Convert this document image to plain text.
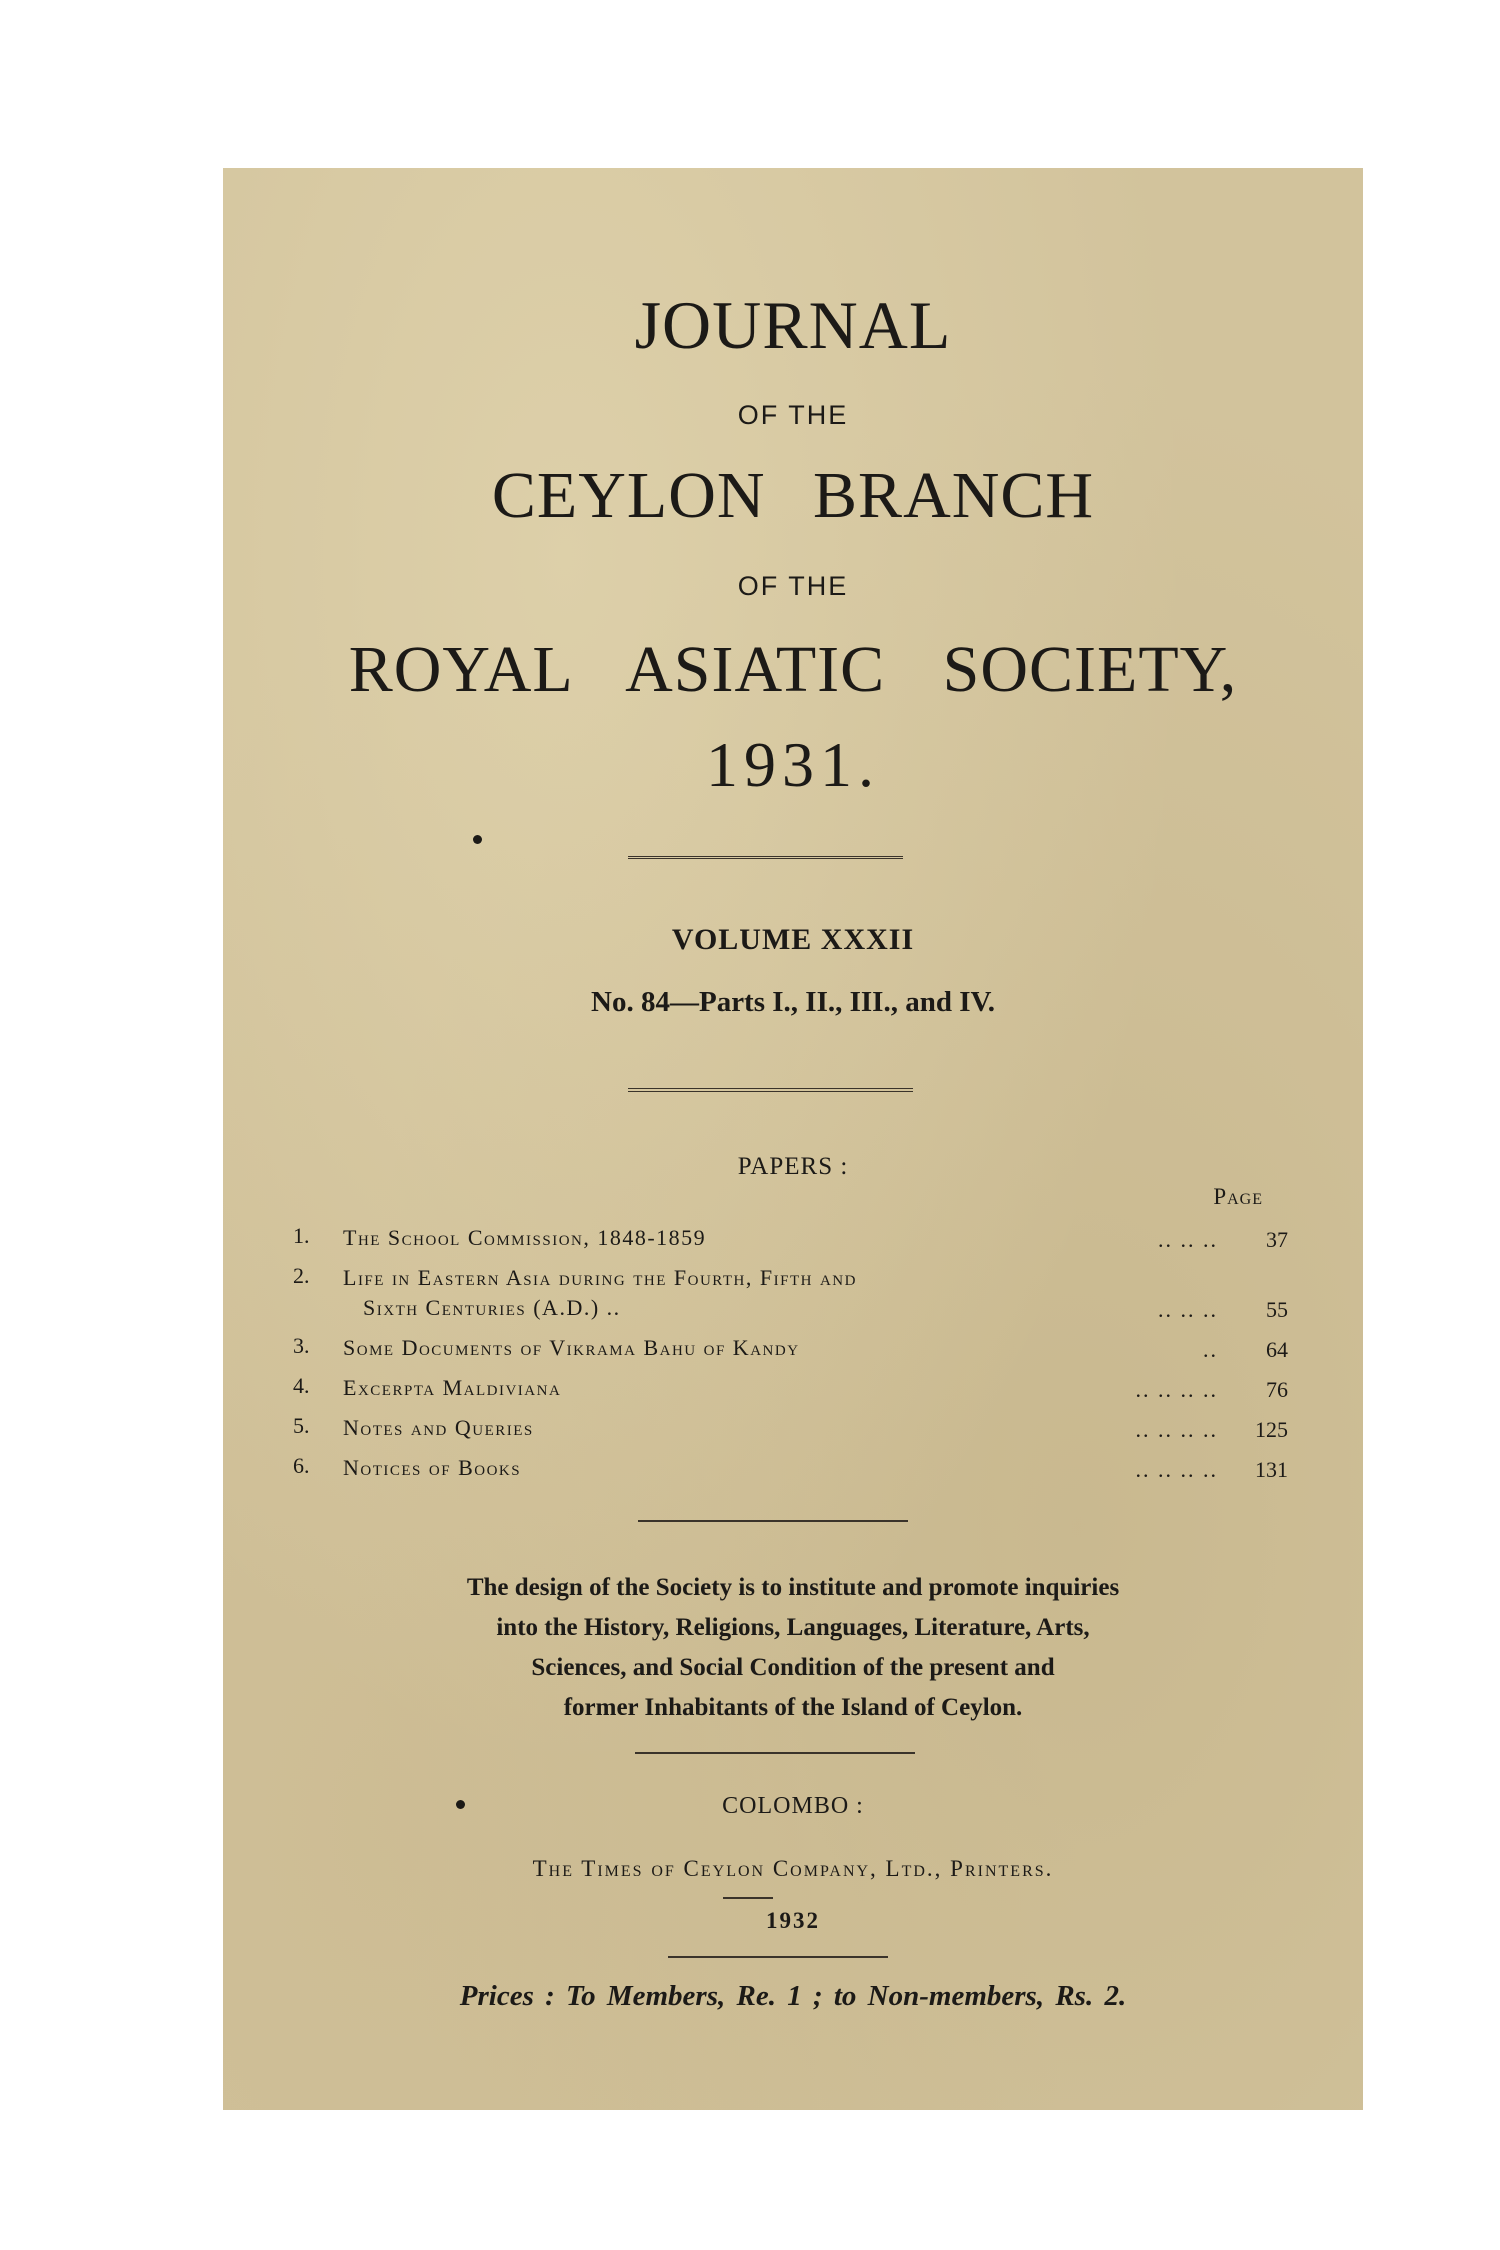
JOURNAL
OF THE
CEYLON BRANCH
OF THE
ROYAL ASIATIC SOCIETY,
1931.
VOLUME XXXII
No. 84—Parts I., II., III., and IV.
PAPERS :
Page
1.	The School Commission, 1848-1859	.. .. ..	37
2.	Life in Eastern Asia during the Fourth, Fifth and
Sixth Centuries (A.D.) ..	.. .. ..	55
3.	Some Documents of Vikrama Bahu of Kandy	..	64
4.	Excerpta Maldiviana	.. .. .. ..	76
5.	Notes and Queries	.. .. .. ..	125
6.	Notices of Books	.. .. .. ..	131
The design of the Society is to institute and promote inquiries
into the History, Religions, Languages, Literature, Arts,
Sciences, and Social Condition of the present and
former Inhabitants of the Island of Ceylon.
COLOMBO :
The Times of Ceylon Company, Ltd., Printers.
1932
Prices : To Members, Re. 1 ; to Non-members, Rs. 2.
